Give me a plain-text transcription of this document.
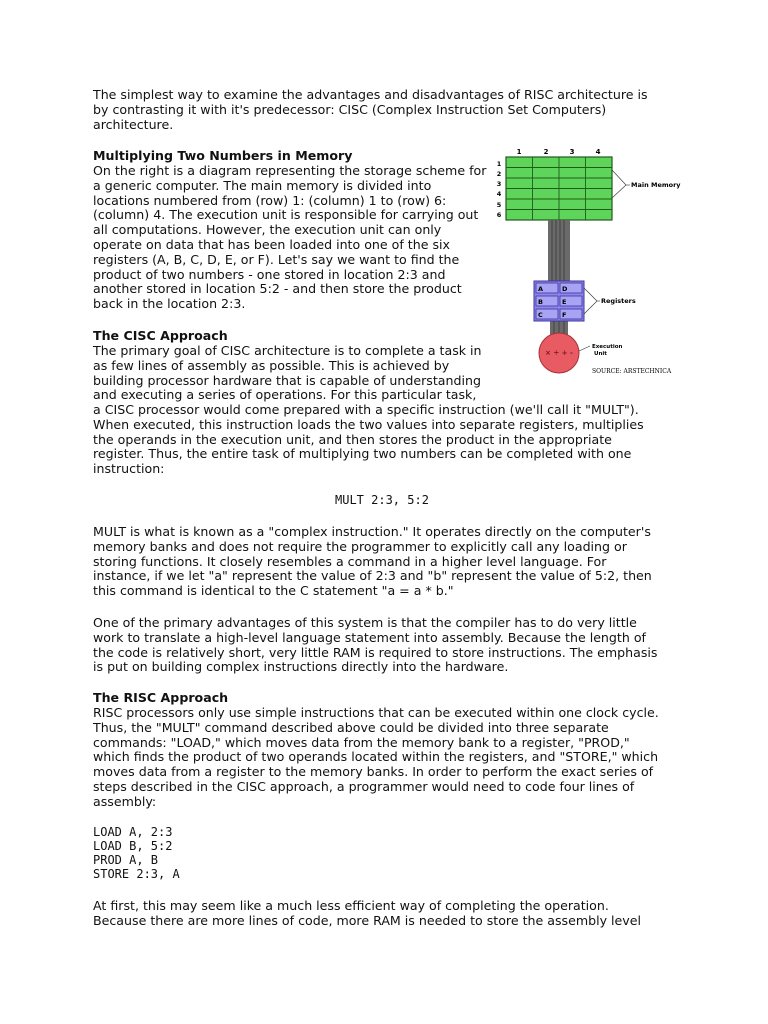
The simplest way to examine the advantages and disadvantages of RISC architecture is by contrasting it with it's predecessor: CISC (Complex Instruction Set Computers) architecture.

Multiplying Two Numbers in Memory

On the right is a diagram representing the storage scheme for a generic computer. The main memory is divided into locations numbered from (row) 1: (column) 1 to (row) 6: (column) 4. The execution unit is responsible for carrying out all computations. However, the execution unit can only operate on data that has been loaded into one of the six registers (A, B, C, D, E, or F). Let's say we want to find the product of two numbers - one stored in location 2:3 and another stored in location 5:2 - and then store the product back in the location 2:3.

The CISC Approach

The primary goal of CISC architecture is to complete a task in as few lines of assembly as possible. This is achieved by building processor hardware that is capable of understanding and executing a series of operations. For this particular task,

a CISC processor would come prepared with a specific instruction (we'll call it "MULT"). When executed, this instruction loads the two values into separate registers, multiplies the operands in the execution unit, and then stores the product in the appropriate register. Thus, the entire task of multiplying two numbers can be completed with one instruction:

MULT 2:3, 5:2

MULT is what is known as a "complex instruction." It operates directly on the computer's memory banks and does not require the programmer to explicitly call any loading or storing functions. It closely resembles a command in a higher level language. For instance, if we let "a" represent the value of 2:3 and "b" represent the value of 5:2, then this command is identical to the C statement "a = a * b."

One of the primary advantages of this system is that the compiler has to do very little work to translate a high-level language statement into assembly. Because the length of the code is relatively short, very little RAM is required to store instructions. The emphasis is put on building complex instructions directly into the hardware.

The RISC Approach

RISC processors only use simple instructions that can be executed within one clock cycle. Thus, the "MULT" command described above could be divided into three separate commands: "LOAD," which moves data from the memory bank to a register, "PROD," which finds the product of two operands located within the registers, and "STORE," which moves data from a register to the memory banks. In order to perform the exact series of steps described in the CISC approach, a programmer would need to code four lines of assembly:

LOAD A, 2:3

LOAD B, 5:2

PROD A, B

STORE 2:3, A

At first, this may seem like a much less efficient way of completing the operation. Because there are more lines of code, more RAM is needed to store the assembly level

1	2	3	4
1
2
3
4
5
6
Main Memory
A	D
B	E
C	F
Registers
× ÷ + -
Execution
Unit
SOURCE: ARSTECHNICA
